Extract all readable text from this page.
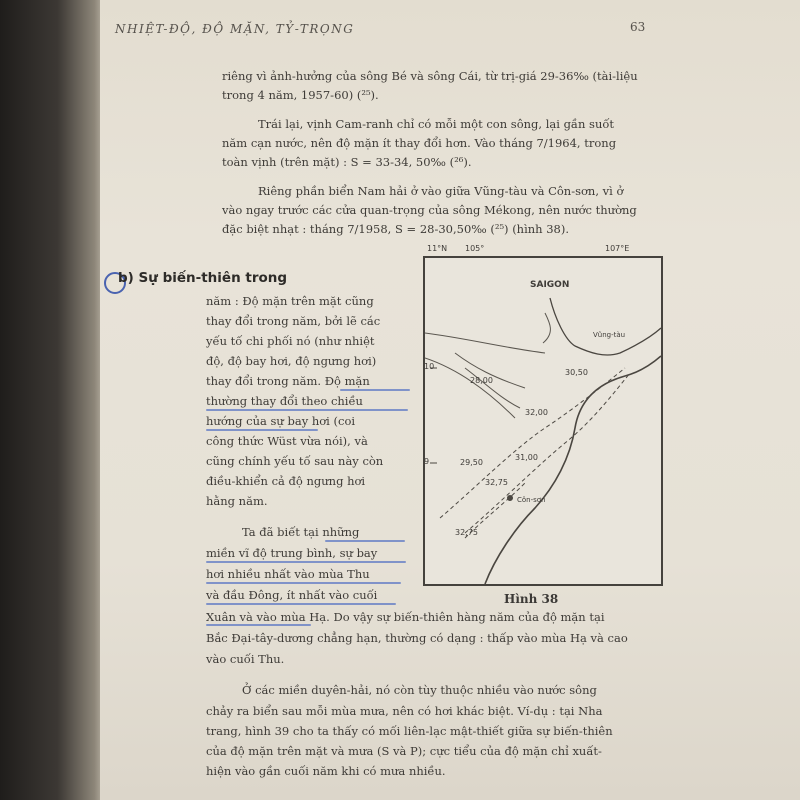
NHIỆT-ĐỘ, ĐỘ MẶN, TỶ-TRỌNG	63
riêng vì ảnh-hưởng của sông Bé và sông Cái, từ trị-giá 29-36‰ (tài-liệu
trong 4 năm, 1957-60) (²⁵).
Trái lại, vịnh Cam-ranh chỉ có mỗi một con sông, lại gần suốt
năm cạn nước, nên độ mặn ít thay đổi hơn. Vào tháng 7/1964, trong
toàn vịnh (trên mặt) : S = 33-34, 50‰ (²⁶).
Riêng phần biển Nam hải ở vào giữa Vũng-tàu và Côn-sơn, vì ở
vào ngay trước các cửa quan-trọng của sông Mékong, nên nước thường
đặc biệt nhạt : tháng 7/1958, S = 28-30,50‰ (²⁵) (hình 38).
b) Sự biến-thiên trong
năm : Độ mặn trên mặt cũng
thay đổi trong năm, bởi lẽ các
yếu tố chi phối nó (như nhiệt
độ, độ bay hơi, độ ngưng hơi)
thay đổi trong năm. Độ mặn
thường thay đổi theo chiều
hướng của sự bay hơi (coi
công thức Wüst vừa nói), và
cũng chính yếu tố sau này còn
điều-khiển cả độ ngưng hơi
hằng năm.
Ta đã biết tại những
miền vĩ độ trung bình, sự bay
hơi nhiều nhất vào mùa Thu
và đầu Đông, ít nhất vào cuối
11°N 105°	107°E
SAIGON
Vũng-tàu
Côn-sơn
10
9
30,50
32,00
28,00
29,50
32,75
31,00
32,75
Hình 38
Xuân và vào mùa Hạ. Do vậy sự biến-thiên hàng năm của độ mặn tại
Bắc Đại-tây-dương chẳng hạn, thường có dạng : thấp vào mùa Hạ và cao
vào cuối Thu.
Ở các miền duyên-hải, nó còn tùy thuộc nhiều vào nước sông
chảy ra biển sau mỗi mùa mưa, nên có hơi khác biệt. Ví-dụ : tại Nha
trang, hình 39 cho ta thấy có mối liên-lạc mật-thiết giữa sự biến-thiên
của độ mặn trên mặt và mưa (S và P); cực tiểu của độ mặn chỉ xuất-
hiện vào gần cuối năm khi có mưa nhiều.
